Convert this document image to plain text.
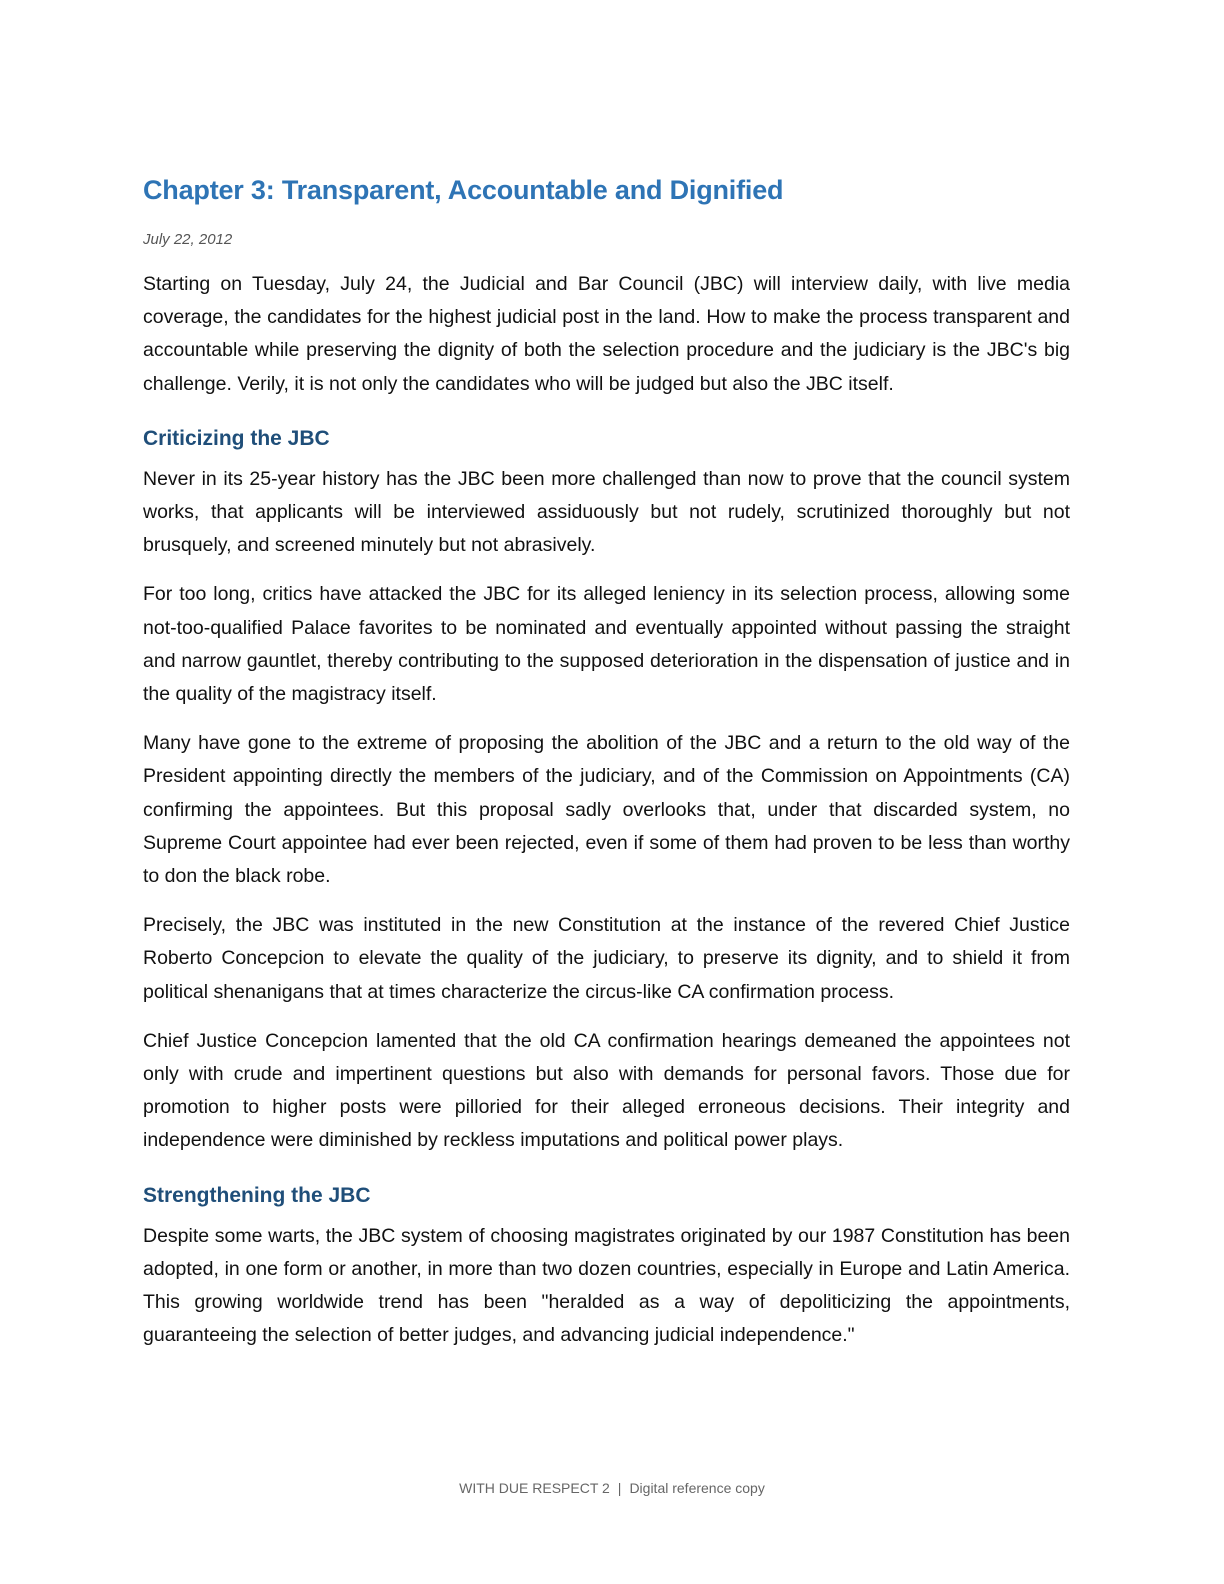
Chapter 3: Transparent, Accountable and Dignified
July 22, 2012

Starting on Tuesday, July 24, the Judicial and Bar Council (JBC) will interview daily, with live media coverage, the candidates for the highest judicial post in the land. How to make the process transparent and accountable while preserving the dignity of both the selection procedure and the judiciary is the JBC's big challenge. Verily, it is not only the candidates who will be judged but also the JBC itself.

Criticizing the JBC

Never in its 25-year history has the JBC been more challenged than now to prove that the council system works, that applicants will be interviewed assiduously but not rudely, scrutinized thoroughly but not brusquely, and screened minutely but not abrasively.

For too long, critics have attacked the JBC for its alleged leniency in its selection process, allowing some not-too-qualified Palace favorites to be nominated and eventually appointed without passing the straight and narrow gauntlet, thereby contributing to the supposed deterioration in the dispensation of justice and in the quality of the magistracy itself.

Many have gone to the extreme of proposing the abolition of the JBC and a return to the old way of the President appointing directly the members of the judiciary, and of the Commission on Appointments (CA) confirming the appointees. But this proposal sadly overlooks that, under that discarded system, no Supreme Court appointee had ever been rejected, even if some of them had proven to be less than worthy to don the black robe.

Precisely, the JBC was instituted in the new Constitution at the instance of the revered Chief Justice Roberto Concepcion to elevate the quality of the judiciary, to preserve its dignity, and to shield it from political shenanigans that at times characterize the circus-like CA confirmation process.

Chief Justice Concepcion lamented that the old CA confirmation hearings demeaned the appointees not only with crude and impertinent questions but also with demands for personal favors. Those due for promotion to higher posts were pilloried for their alleged erroneous decisions. Their integrity and independence were diminished by reckless imputations and political power plays.

Strengthening the JBC

Despite some warts, the JBC system of choosing magistrates originated by our 1987 Constitution has been adopted, in one form or another, in more than two dozen countries, especially in Europe and Latin America. This growing worldwide trend has been "heralded as a way of depoliticizing the appointments, guaranteeing the selection of better judges, and advancing judicial independence."

WITH DUE RESPECT 2 | Digital reference copy
